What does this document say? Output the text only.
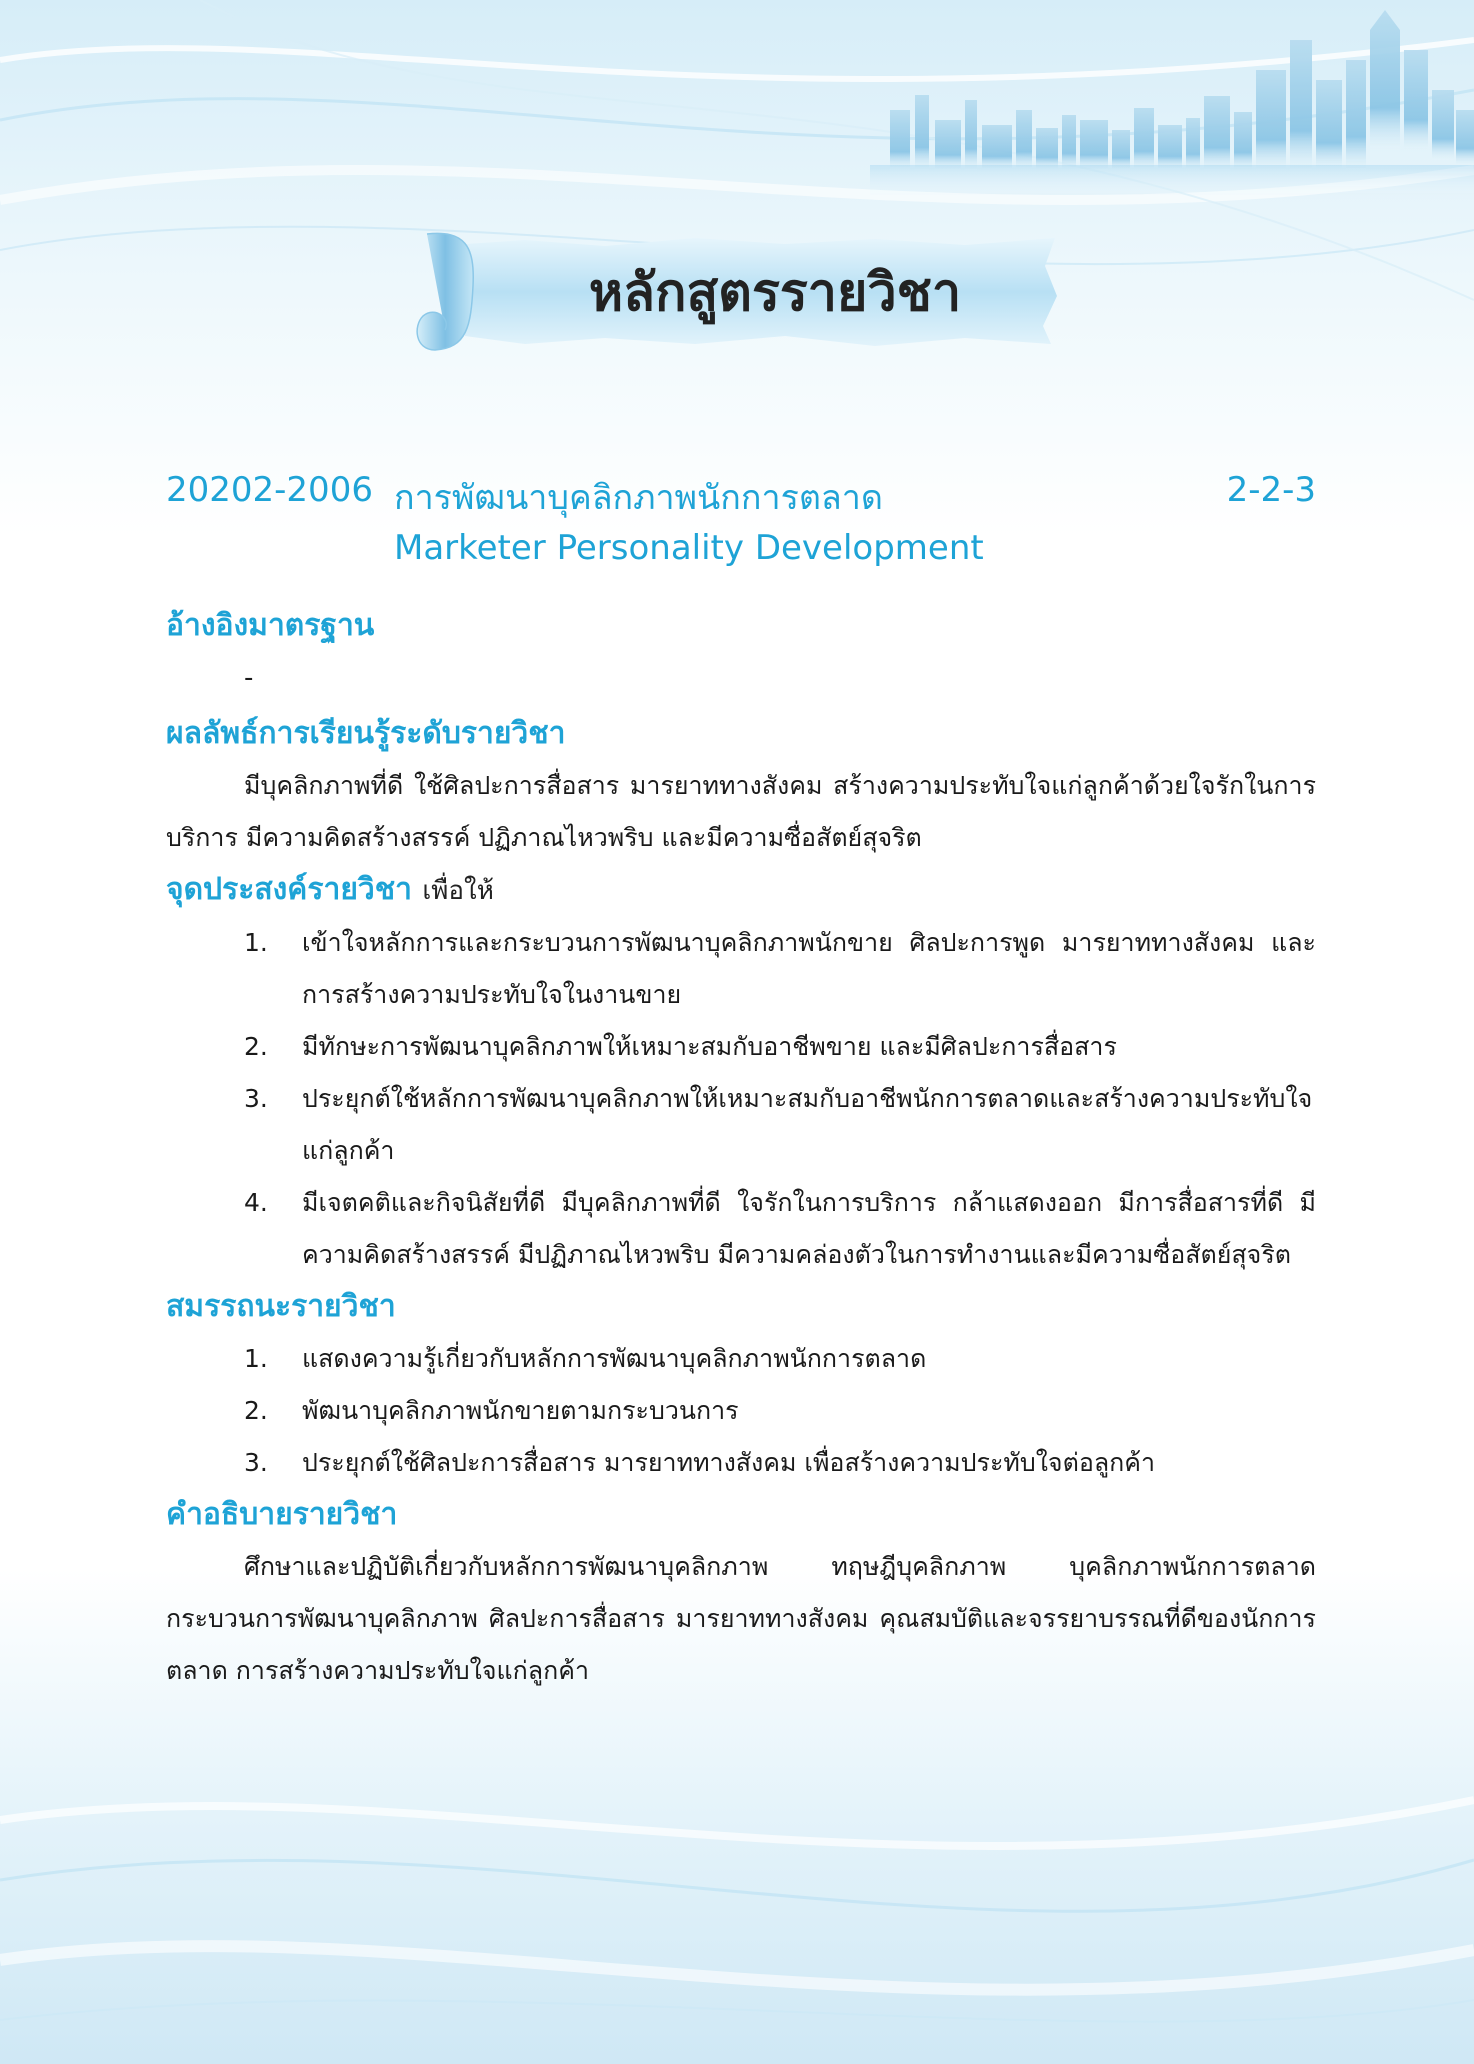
หลักสูตรรายวิชา
20202-2006 การพัฒนาบุคลิกภาพนักการตลาด	2-2-3
Marketer Personality Development

อ้างอิงมาตรฐาน

-

ผลลัพธ์การเรียนรู้ระดับรายวิชา

มีบุคลิกภาพที่ดี ใช้ศิลปะการสื่อสาร มารยาททางสังคม สร้างความประทับใจแก่ลูกค้าด้วยใจรักในการบริการ มีความคิดสร้างสรรค์ ปฏิภาณไหวพริบ และมีความซื่อสัตย์สุจริต

จุดประสงค์รายวิชา เพื่อให้

1. เข้าใจหลักการและกระบวนการพัฒนาบุคลิกภาพนักขาย ศิลปะการพูด มารยาททางสังคม และการสร้างความประทับใจในงานขาย
2. มีทักษะการพัฒนาบุคลิกภาพให้เหมาะสมกับอาชีพขาย และมีศิลปะการสื่อสาร
3. ประยุกต์ใช้หลักการพัฒนาบุคลิกภาพให้เหมาะสมกับอาชีพนักการตลาดและสร้างความประทับใจแก่ลูกค้า
4. มีเจตคติและกิจนิสัยที่ดี มีบุคลิกภาพที่ดี ใจรักในการบริการ กล้าแสดงออก มีการสื่อสารที่ดี มีความคิดสร้างสรรค์ มีปฏิภาณไหวพริบ มีความคล่องตัวในการทำงานและมีความซื่อสัตย์สุจริต

สมรรถนะรายวิชา

1. แสดงความรู้เกี่ยวกับหลักการพัฒนาบุคลิกภาพนักการตลาด
2. พัฒนาบุคลิกภาพนักขายตามกระบวนการ
3. ประยุกต์ใช้ศิลปะการสื่อสาร มารยาททางสังคม เพื่อสร้างความประทับใจต่อลูกค้า

คำอธิบายรายวิชา

ศึกษาและปฏิบัติเกี่ยวกับหลักการพัฒนาบุคลิกภาพ ทฤษฎีบุคลิกภาพ บุคลิกภาพนักการตลาด กระบวนการพัฒนาบุคลิกภาพ ศิลปะการสื่อสาร มารยาททางสังคม คุณสมบัติและจรรยาบรรณที่ดีของนักการตลาด การสร้างความประทับใจแก่ลูกค้า
